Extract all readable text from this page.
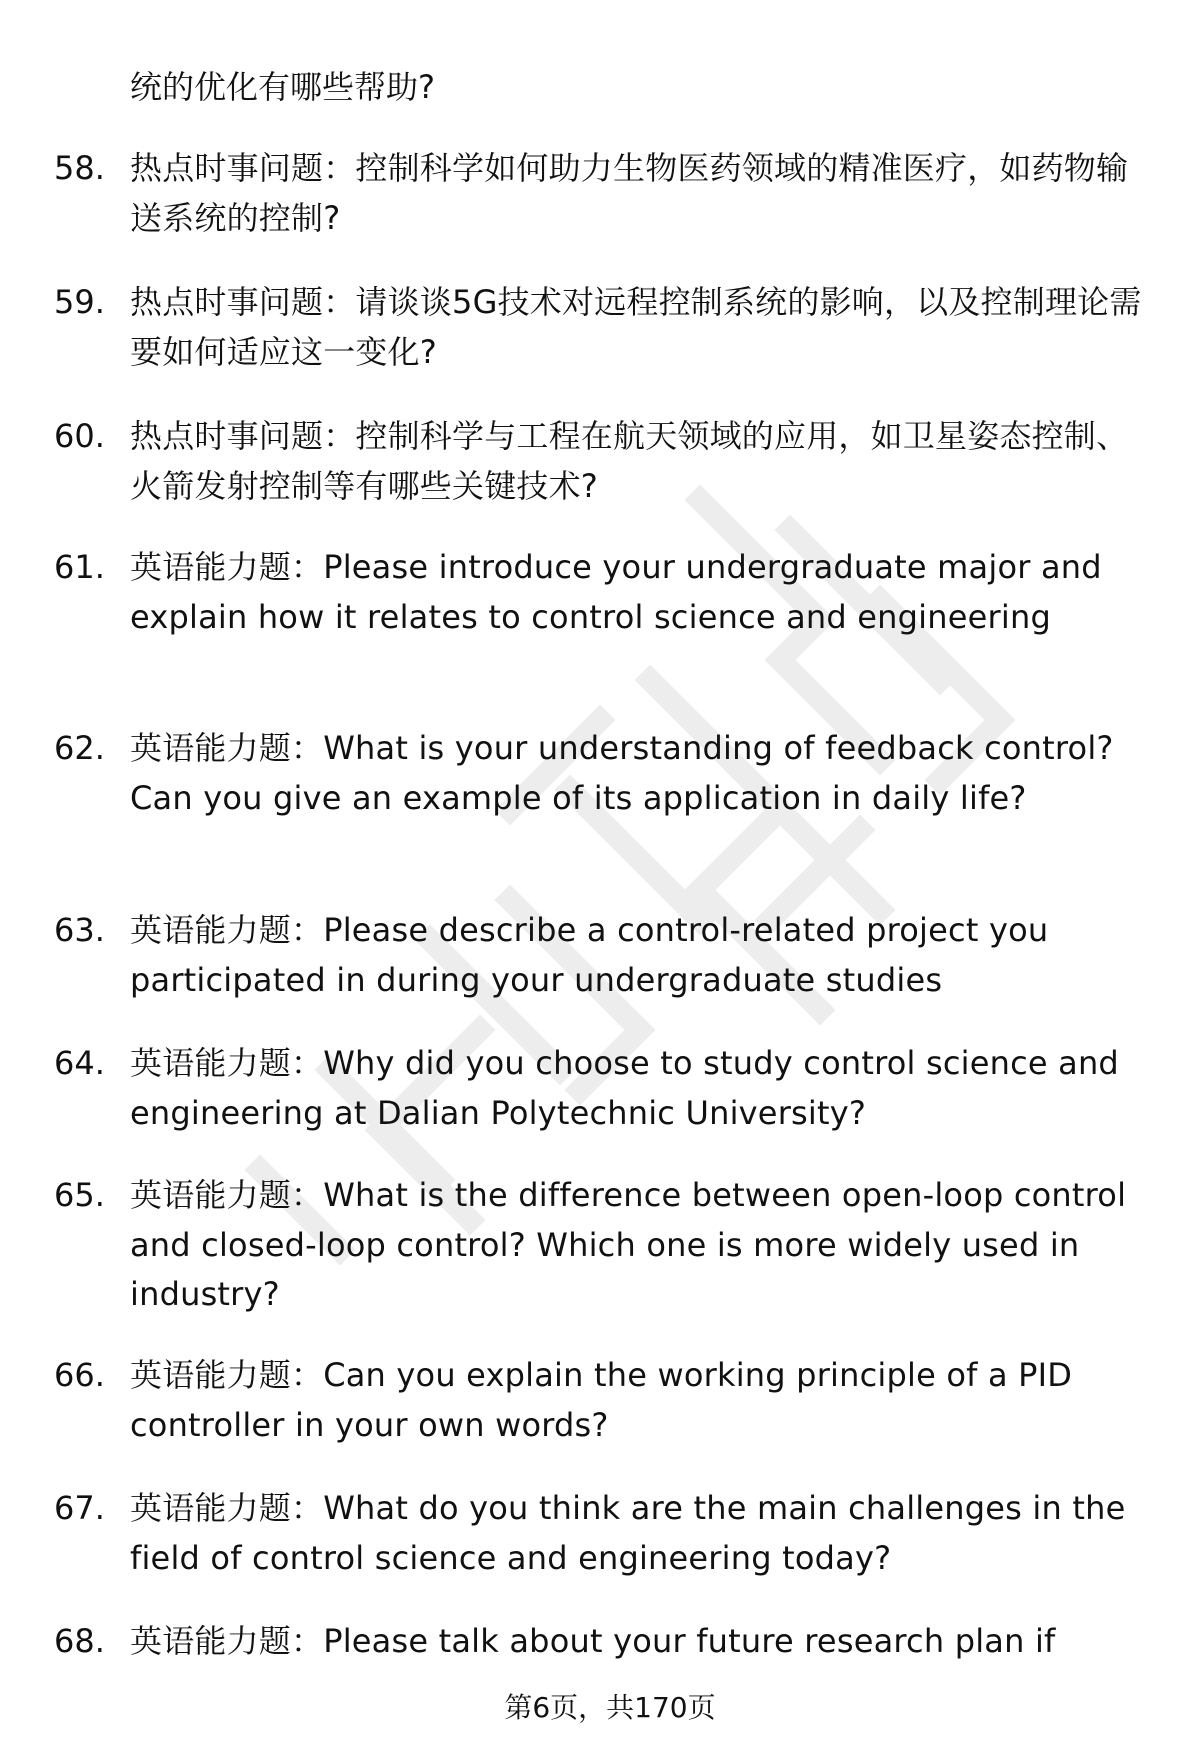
统的优化有哪些帮助?
58. 热点时事问题：控制科学如何助力生物医药领域的精准医疗，如药物输送系统的控制?
59. 热点时事问题：请谈谈5G技术对远程控制系统的影响，以及控制理论需要如何适应这一变化?
60. 热点时事问题：控制科学与工程在航天领域的应用，如卫星姿态控制、火箭发射控制等有哪些关键技术?
61. 英语能力题：Please introduce your undergraduate major and explain how it relates to control science and engineering
62. 英语能力题：What is your understanding of feedback control? Can you give an example of its application in daily life?
63. 英语能力题：Please describe a control-related project you participated in during your undergraduate studies
64. 英语能力题：Why did you choose to study control science and engineering at Dalian Polytechnic University?
65. 英语能力题：What is the difference between open-loop control and closed-loop control? Which one is more widely used in industry?
66. 英语能力题：Can you explain the working principle of a PID controller in your own words?
67. 英语能力题：What do you think are the main challenges in the field of control science and engineering today?
68. 英语能力题：Please talk about your future research plan if
第6页，共170页
